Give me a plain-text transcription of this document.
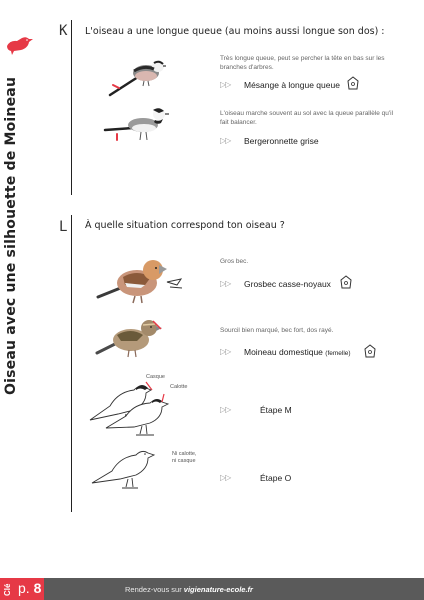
Oiseau avec une silhouette de Moineau
K L'oiseau a une longue queue (au moins aussi longue son dos) :
Très longue queue, peut se percher la tête en bas sur les branches d'arbres.
▷▷ Mésange à longue queue
L'oiseau marche souvent au sol avec la queue parallèle qu'il fait balancer.
▷▷ Bergeronnette grise
L À quelle situation correspond ton oiseau ?
Gros bec.
▷▷ Grosbec casse-noyaux
Sourcil bien marqué, bec fort, dos rayé.
▷▷ Moineau domestique (femelle)
Casque
Calotte
▷▷	Étape M
Ni calotte,
ni casque
▷▷	Étape O
Clé p. 8	Rendez-vous sur vigienature-ecole.fr
